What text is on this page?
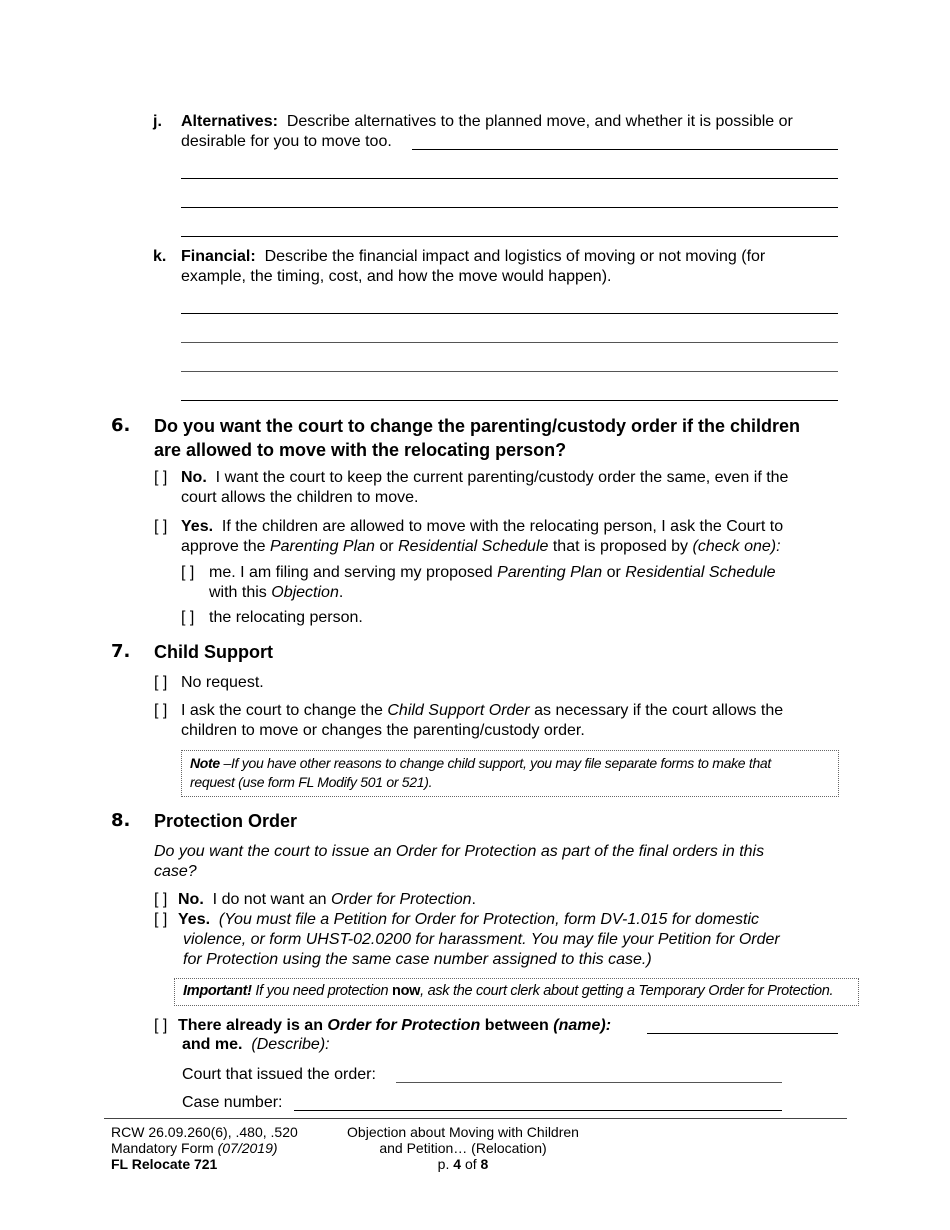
j. Alternatives: Describe alternatives to the planned move, and whether it is possible or
desirable for you to move too.
k. Financial: Describe the financial impact and logistics of moving or not moving (for
example, the timing, cost, and how the move would happen).
6. Do you want the court to change the parenting/custody order if the children
are allowed to move with the relocating person?
[ ] No. I want the court to keep the current parenting/custody order the same, even if the
court allows the children to move.
[ ] Yes. If the children are allowed to move with the relocating person, I ask the Court to
approve the Parenting Plan or Residential Schedule that is proposed by (check one):
[ ] me. I am filing and serving my proposed Parenting Plan or Residential Schedule
with this Objection.
[ ] the relocating person.
7. Child Support
[ ] No request.
[ ] I ask the court to change the Child Support Order as necessary if the court allows the
children to move or changes the parenting/custody order.
Note –If you have other reasons to change child support, you may file separate forms to make that
request (use form FL Modify 501 or 521).
8. Protection Order
Do you want the court to issue an Order for Protection as part of the final orders in this
case?
[ ] No. I do not want an Order for Protection.
[ ] Yes. (You must file a Petition for Order for Protection, form DV-1.015 for domestic
violence, or form UHST-02.0200 for harassment. You may file your Petition for Order
for Protection using the same case number assigned to this case.)
Important! If you need protection now, ask the court clerk about getting a Temporary Order for Protection.
[ ] There already is an Order for Protection between (name):
and me. (Describe):
Court that issued the order:
Case number:
RCW 26.09.260(6), .480, .520
Mandatory Form (07/2019)
FL Relocate 721
Objection about Moving with Children
and Petition… (Relocation)
p. 4 of 8
